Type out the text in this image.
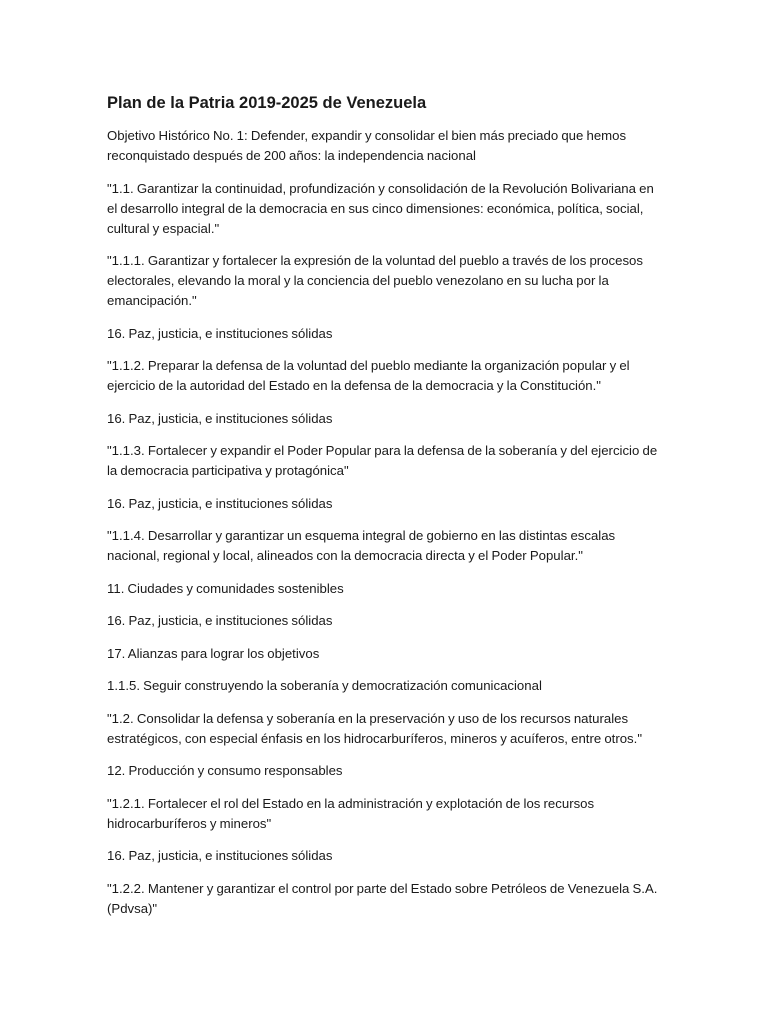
Plan de la Patria 2019-2025 de Venezuela

Objetivo Histórico No. 1: Defender, expandir y consolidar el bien más preciado que hemos reconquistado después de 200 años: la independencia nacional

"1.1. Garantizar la continuidad, profundización y consolidación de la Revolución Bolivariana en el desarrollo integral de la democracia en sus cinco dimensiones: económica, política, social, cultural y espacial."

"1.1.1. Garantizar y fortalecer la expresión de la voluntad del pueblo a través de los procesos electorales, elevando la moral y la conciencia del pueblo venezolano en su lucha por la emancipación."

16. Paz, justicia, e instituciones sólidas

"1.1.2. Preparar la defensa de la voluntad del pueblo mediante la organización popular y el ejercicio de la autoridad del Estado en la defensa de la democracia y la Constitución."

16. Paz, justicia, e instituciones sólidas

"1.1.3. Fortalecer y expandir el Poder Popular para la defensa de la soberanía y del ejercicio de la democracia participativa y protagónica"

16. Paz, justicia, e instituciones sólidas

"1.1.4. Desarrollar y garantizar un esquema integral de gobierno en las distintas escalas nacional, regional y local, alineados con la democracia directa y el Poder Popular."

11. Ciudades y comunidades sostenibles

16. Paz, justicia, e instituciones sólidas

17. Alianzas para lograr los objetivos

1.1.5. Seguir construyendo la soberanía y democratización comunicacional

"1.2. Consolidar la defensa y soberanía en la preservación y uso de los recursos naturales estratégicos, con especial énfasis en los hidrocarburíferos, mineros y acuíferos, entre otros."

12. Producción y consumo responsables

"1.2.1. Fortalecer el rol del Estado en la administración y explotación de los recursos hidrocarburíferos y mineros"

16. Paz, justicia, e instituciones sólidas

"1.2.2. Mantener y garantizar el control por parte del Estado sobre Petróleos de Venezuela S.A. (Pdvsa)"
